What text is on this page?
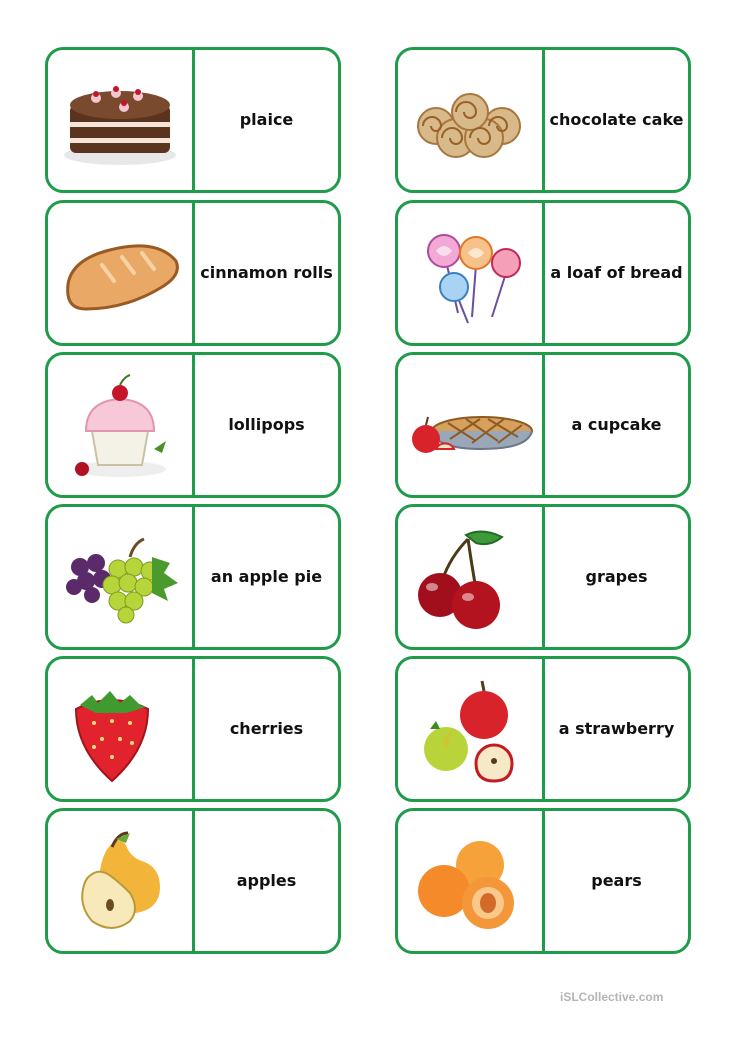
plaice	chocolate cake
cinnamon rolls	a loaf of bread
lollipops	a cupcake
an apple pie	grapes
cherries	a strawberry
apples	pears
iSLCollective.com
